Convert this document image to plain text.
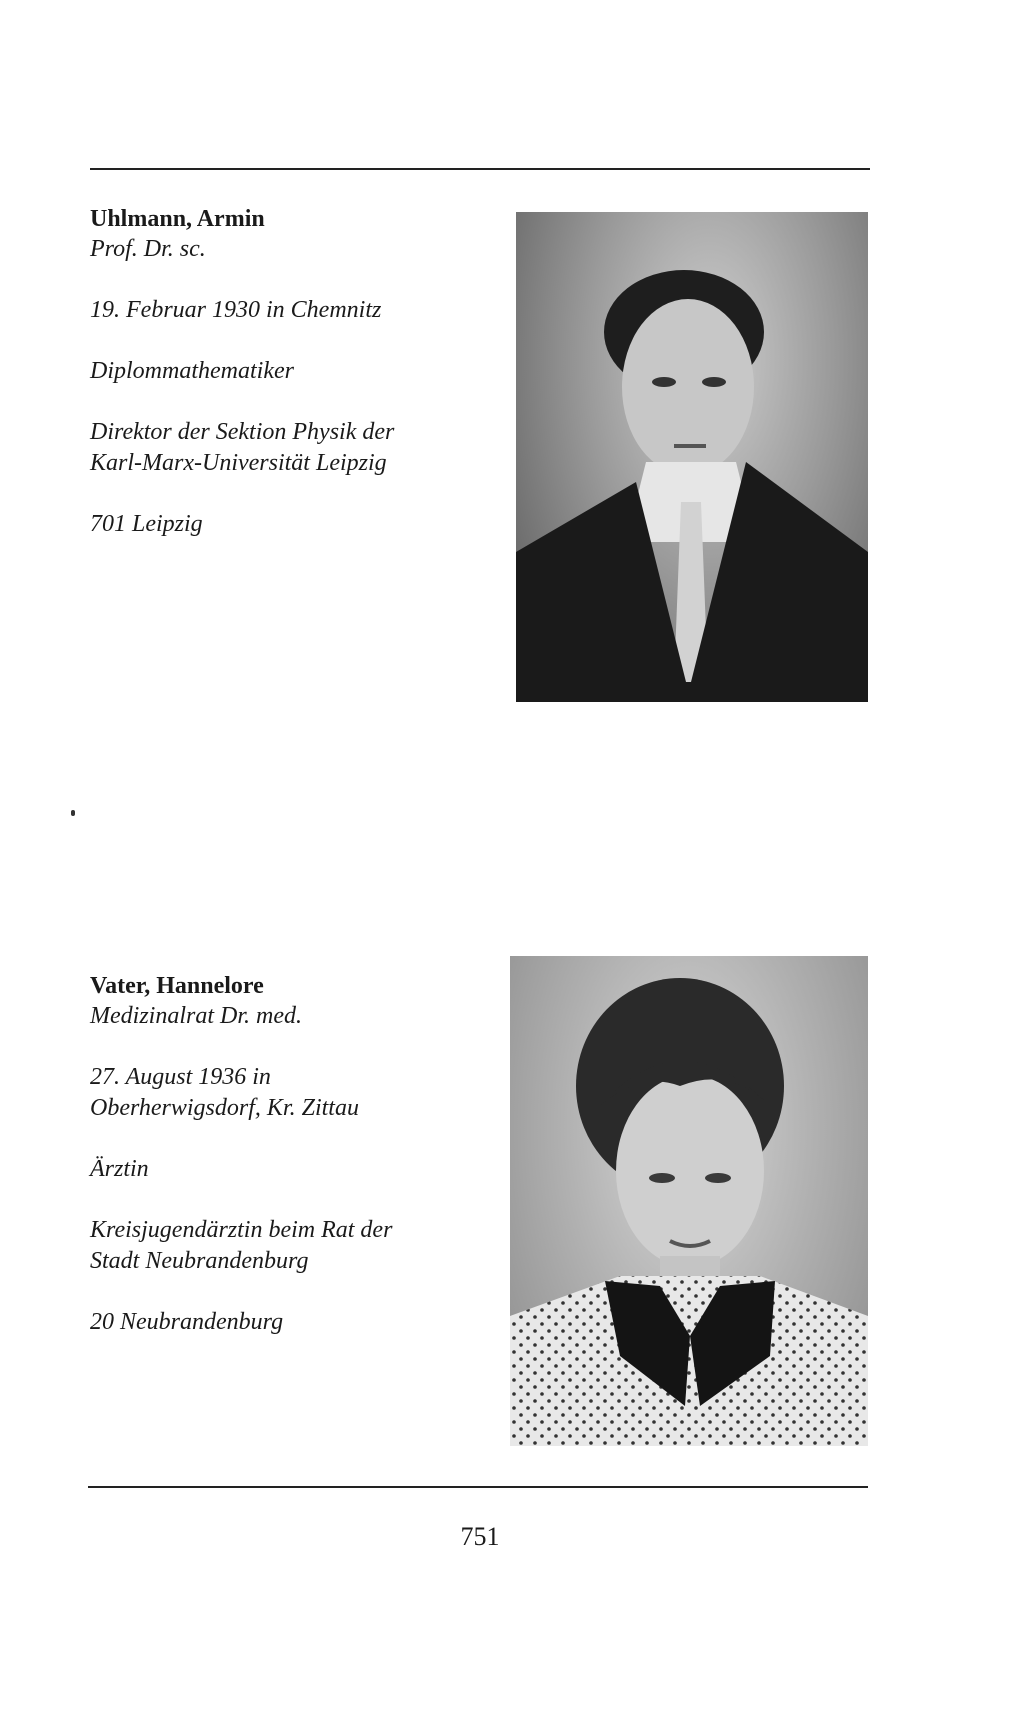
Uhlmann, Armin

Prof. Dr. sc.

19. Februar 1930 in Chemnitz

Diplommathematiker

Direktor der Sektion Physik der

Karl-Marx-Universität Leipzig

701 Leipzig

Vater, Hannelore

Medizinalrat Dr. med.

27. August 1936 in

Oberherwigsdorf, Kr. Zittau

Ärztin

Kreisjugendärztin beim Rat der

Stadt Neubrandenburg

20 Neubrandenburg

751
